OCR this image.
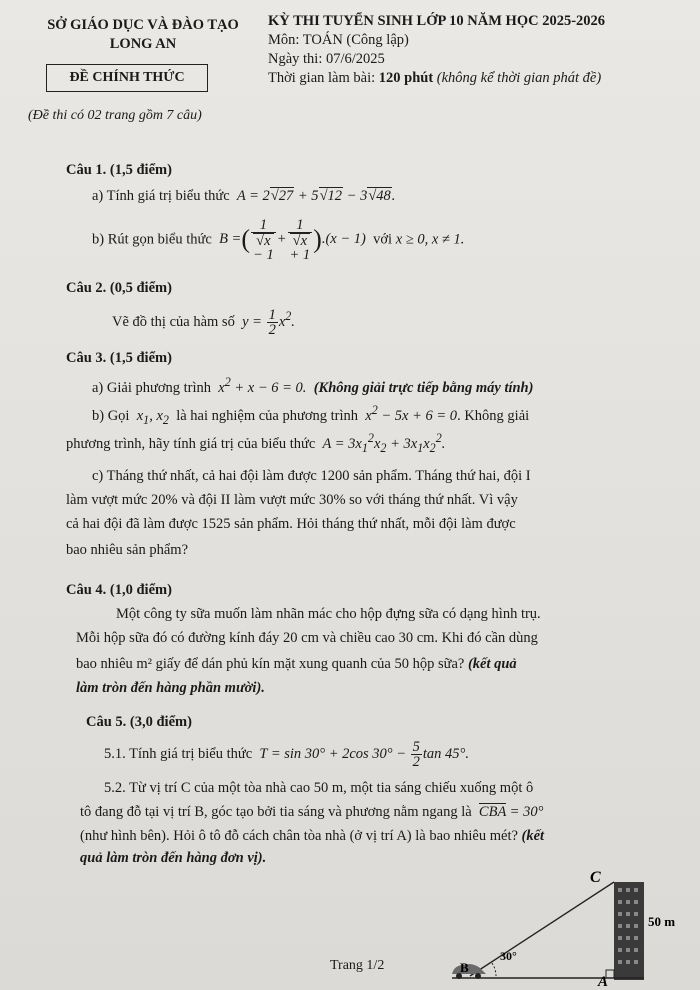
SỞ GIÁO DỤC VÀ ĐÀO TẠO
LONG AN
ĐỀ CHÍNH THỨC
(Đề thi có 02 trang gồm 7 câu)
KỲ THI TUYỂN SINH LỚP 10 NĂM HỌC 2025-2026
Môn: TOÁN (Công lập)
Ngày thi: 07/6/2025
Thời gian làm bài: 120 phút (không kể thời gian phát đề)
Câu 1. (1,5 điểm)
a) Tính giá trị biểu thức  A = 2√27 + 5√12 − 3√48.
b) Rút gọn biểu thức  B =( 1
√x
− 1 + 1
√x
+ 1 ).(x − 1) với x ≥ 0, x ≠ 1.
Câu 2. (0,5 điểm)
Vẽ đồ thị của hàm số  $y = \frac{1}{2} x^2$.
Câu 3. (1,5 điểm)
a) Giải phương trình  $x^2 + x - 6 = 0$. (Không giải trực tiếp bằng máy tính)
b) Gọi  $x_1$, $x_2$ là hai nghiệm của phương trình  $x^2 - 5x + 6 = 0$. Không giải
phương trình, hãy tính giá trị của biểu thức  $A = 3x_1^2x_2 + 3x_1x_2^2$.
c) Tháng thứ nhất, cả hai đội làm được 1200 sản phẩm. Tháng thứ hai, đội I
làm vượt mức 20% và đội II làm vượt mức 30% so với tháng thứ nhất. Vì vậy
cả hai đội đã làm được 1525 sản phẩm. Hỏi tháng thứ nhất, mỗi đội làm được
bao nhiêu sản phẩm?
Câu 4. (1,0 điểm)
Một công ty sữa muốn làm nhãn mác cho hộp đựng sữa có dạng hình trụ.
Mỗi hộp sữa đó có đường kính đáy 20 cm và chiều cao 30 cm. Khi đó cần dùng
bao nhiêu m² giấy để dán phủ kín mặt xung quanh của 50 hộp sữa? (kết quả
làm tròn đến hàng phần mười).
Câu 5. (3,0 điểm)
5.1. Tính giá trị biểu thức  T = sin 30° + 2cos $30^\circ - \frac{5}{2}$ tan 45°.
5.2. Từ vị trí C của một tòa nhà cao 50 m, một tia sáng chiếu xuống một ô
tô đang đỗ tại vị trí B, góc tạo bởi tia sáng và phương nằm ngang là CBA = 30°
(như hình bên). Hỏi ô tô đỗ cách chân tòa nhà (ở vị trí A) là bao nhiêu mét? (kết
quả làm tròn đến hàng đơn vị).
C
B
A
50 m
30°
Trang 1/2
